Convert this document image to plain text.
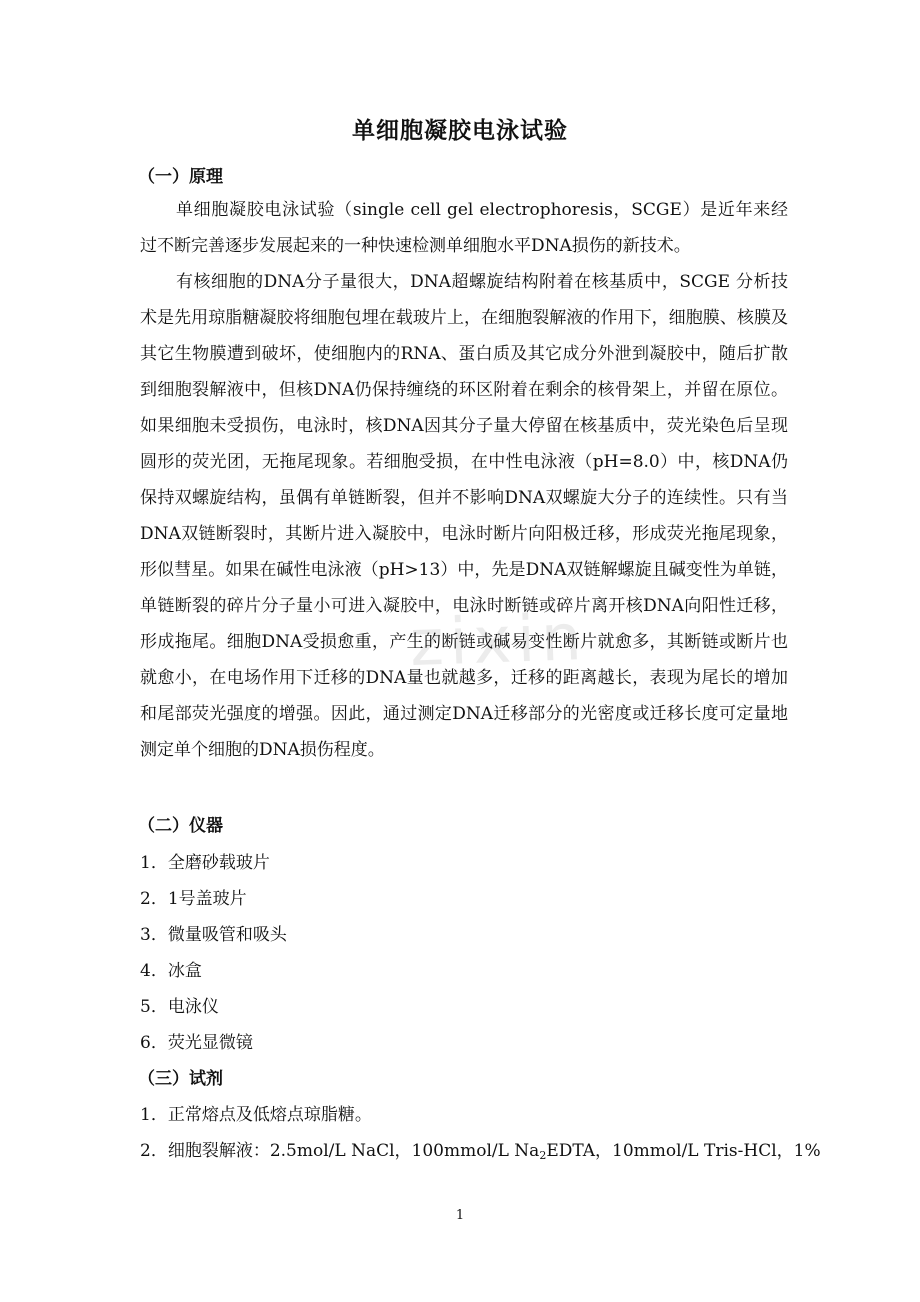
zixin
单细胞凝胶电泳试验
（一）原理

单细胞凝胶电泳试验（single cell gel electrophoresis，SCGE）是近年来经过不断完善逐步发展起来的一种快速检测单细胞水平DNA损伤的新技术。

有核细胞的DNA分子量很大，DNA超螺旋结构附着在核基质中，SCGE 分析技术是先用琼脂糖凝胶将细胞包埋在载玻片上，在细胞裂解液的作用下，细胞膜、核膜及其它生物膜遭到破坏，使细胞内的RNA、蛋白质及其它成分外泄到凝胶中，随后扩散到细胞裂解液中，但核DNA仍保持缠绕的环区附着在剩余的核骨架上，并留在原位。如果细胞未受损伤，电泳时，核DNA因其分子量大停留在核基质中，荧光染色后呈现圆形的荧光团，无拖尾现象。若细胞受损，在中性电泳液（pH=8.0）中，核DNA仍保持双螺旋结构，虽偶有单链断裂，但并不影响DNA双螺旋大分子的连续性。只有当DNA双链断裂时，其断片进入凝胶中，电泳时断片向阳极迁移，形成荧光拖尾现象，形似彗星。如果在碱性电泳液（pH>13）中，先是DNA双链解螺旋且碱变性为单链，单链断裂的碎片分子量小可进入凝胶中，电泳时断链或碎片离开核DNA向阳性迁移，形成拖尾。细胞DNA受损愈重，产生的断链或碱易变性断片就愈多，其断链或断片也就愈小，在电场作用下迁移的DNA量也就越多，迁移的距离越长，表现为尾长的增加和尾部荧光强度的增强。因此，通过测定DNA迁移部分的光密度或迁移长度可定量地测定单个细胞的DNA损伤程度。

（二）仪器
1．全磨砂载玻片
2．1号盖玻片
3．微量吸管和吸头
4．冰盒
5．电泳仪
6．荧光显微镜
（三）试剂
1．正常熔点及低熔点琼脂糖。
2．细胞裂解液：2.5mol/L NaCl，100mmol/L $Na_2EDTA$，10mmol/L Tris-HCl，1%
1
